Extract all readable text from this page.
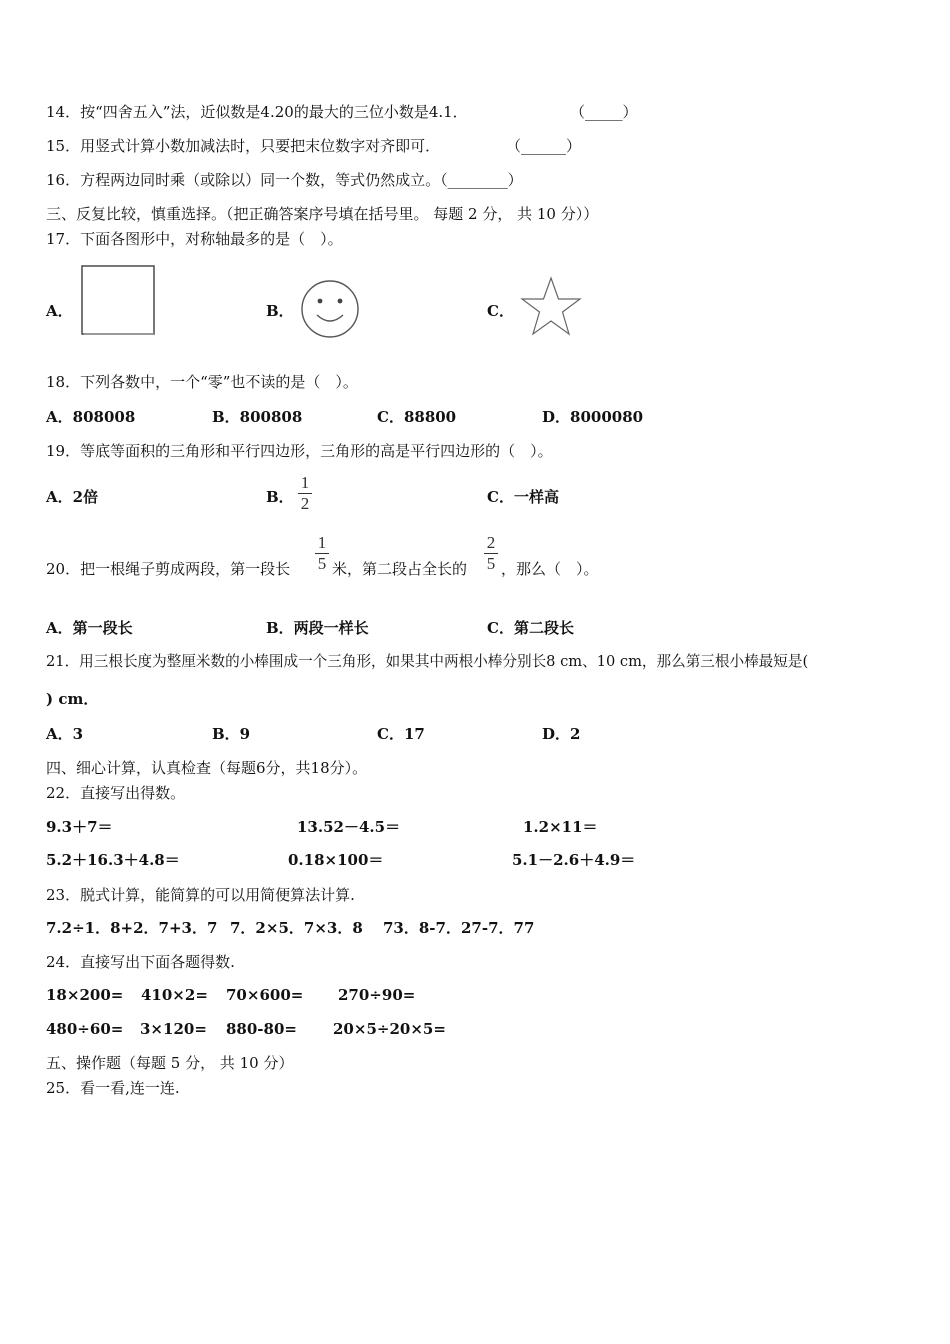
14．按“四舍五入”法，近似数是4.20的最大的三位小数是4.1．	（_____）
15．用竖式计算小数加减法时，只要把末位数字对齐即可．	（______）
16．方程两边同时乘（或除以）同一个数，等式仍然成立。（________）
三、反复比较，慎重选择。（把正确答案序号填在括号里。 每题 2 分， 共 10 分））
17．下面各图形中，对称轴最多的是（　）。
A．	B．	C．
18．下列各数中，一个“零”也不读的是（　）。
A．808008	B．800808	C．88800	D．8000080
19．等底等面积的三角形和平行四边形，三角形的高是平行四边形的（　）。
A．2倍	B．
1
2	C．一样高
20．把一根绳子剪成两段，第一段长
1
5 米，第二段占全长的
2
5 ，那么（　）。
A．第一段长	B．两段一样长	C．第二段长
21．用三根长度为整厘米数的小棒围成一个三角形，如果其中两根小棒分别长8 cm、10 cm，那么第三根小棒最短是(
) cm．
A．3	B．9	C．17	D．2
四、细心计算，认真检查（每题6分，共18分）。
22．直接写出得数。
9.3＋7＝	13.52－4.5＝	1.2×11＝
5.2＋16.3＋4.8＝	0.18×100＝	5.1－2.6＋4.9＝
23．脱式计算，能简算的可以用简便算法计算.
7.2÷1．8+2．7+3．7 7．2×5．7×3．8 73．8-7．27-7．77
24．直接写出下面各题得数.
18×200= 410×2= 70×600= 270÷90=
480÷60= 3×120= 880-80= 20×5÷20×5=
五、操作题（每题 5 分， 共 10 分）
25．看一看,连一连.
